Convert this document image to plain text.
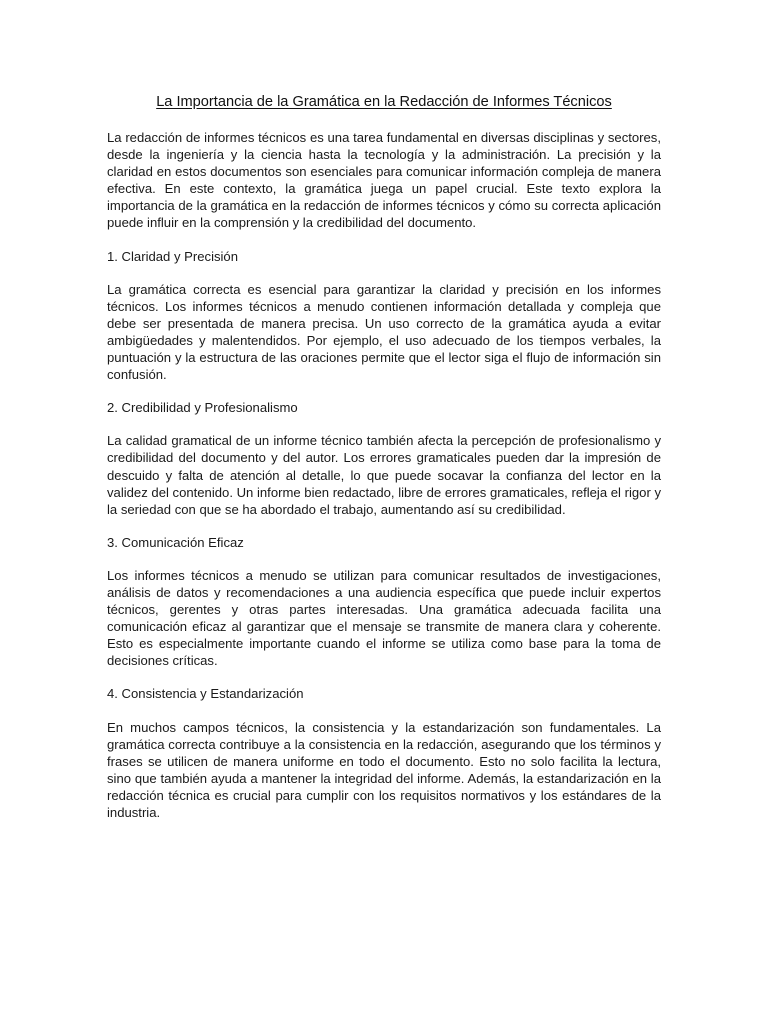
La Importancia de la Gramática en la Redacción de Informes Técnicos

La redacción de informes técnicos es una tarea fundamental en diversas disciplinas y sectores, desde la ingeniería y la ciencia hasta la tecnología y la administración. La precisión y la claridad en estos documentos son esenciales para comunicar información compleja de manera efectiva. En este contexto, la gramática juega un papel crucial. Este texto explora la importancia de la gramática en la redacción de informes técnicos y cómo su correcta aplicación puede influir en la comprensión y la credibilidad del documento.

1. Claridad y Precisión

La gramática correcta es esencial para garantizar la claridad y precisión en los informes técnicos. Los informes técnicos a menudo contienen información detallada y compleja que debe ser presentada de manera precisa. Un uso correcto de la gramática ayuda a evitar ambigüedades y malentendidos. Por ejemplo, el uso adecuado de los tiempos verbales, la puntuación y la estructura de las oraciones permite que el lector siga el flujo de información sin confusión.

2. Credibilidad y Profesionalismo

La calidad gramatical de un informe técnico también afecta la percepción de profesionalismo y credibilidad del documento y del autor. Los errores gramaticales pueden dar la impresión de descuido y falta de atención al detalle, lo que puede socavar la confianza del lector en la validez del contenido. Un informe bien redactado, libre de errores gramaticales, refleja el rigor y la seriedad con que se ha abordado el trabajo, aumentando así su credibilidad.

3. Comunicación Eficaz

Los informes técnicos a menudo se utilizan para comunicar resultados de investigaciones, análisis de datos y recomendaciones a una audiencia específica que puede incluir expertos técnicos, gerentes y otras partes interesadas. Una gramática adecuada facilita una comunicación eficaz al garantizar que el mensaje se transmite de manera clara y coherente. Esto es especialmente importante cuando el informe se utiliza como base para la toma de decisiones críticas.

4. Consistencia y Estandarización

En muchos campos técnicos, la consistencia y la estandarización son fundamentales. La gramática correcta contribuye a la consistencia en la redacción, asegurando que los términos y frases se utilicen de manera uniforme en todo el documento. Esto no solo facilita la lectura, sino que también ayuda a mantener la integridad del informe. Además, la estandarización en la redacción técnica es crucial para cumplir con los requisitos normativos y los estándares de la industria.
